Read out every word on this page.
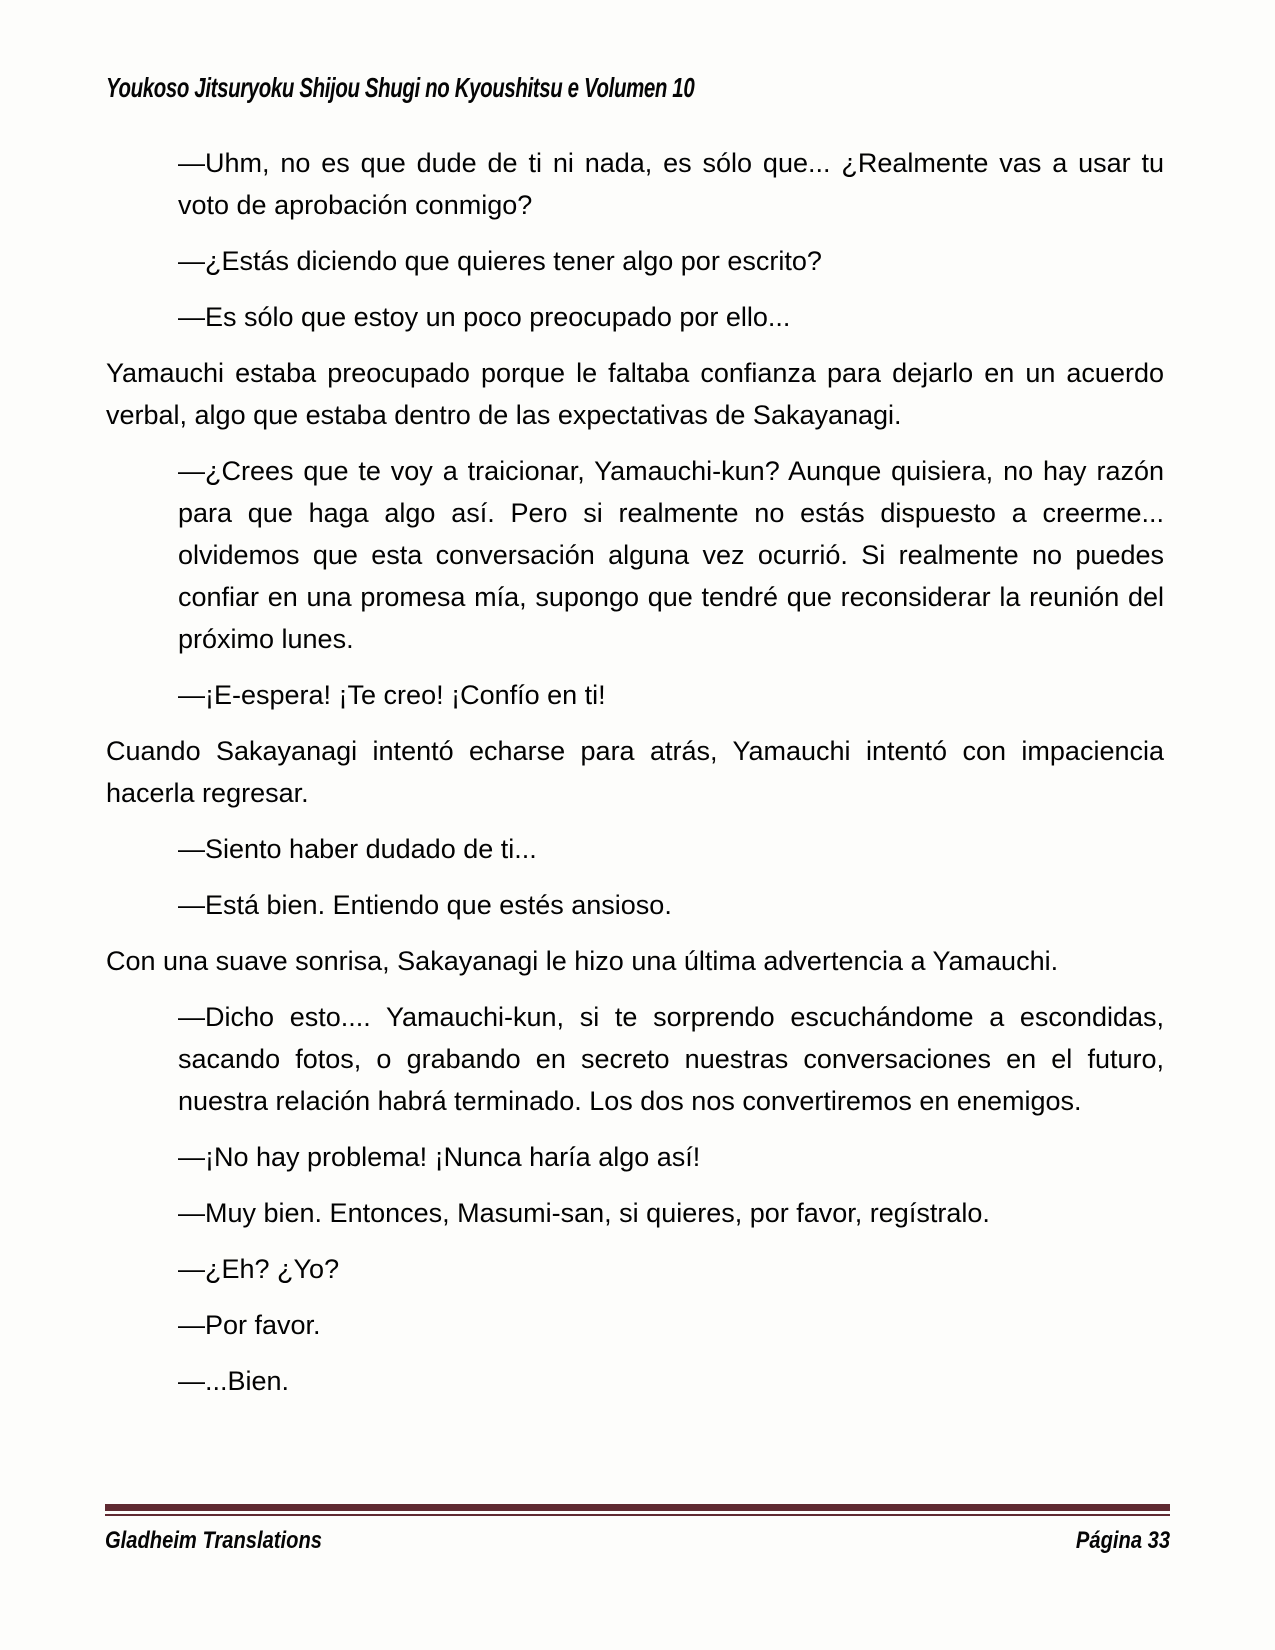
Youkoso Jitsuryoku Shijou Shugi no Kyoushitsu e Volumen 10

—Uhm, no es que dude de ti ni nada, es sólo que... ¿Realmente vas a usar tu voto de aprobación conmigo?

—¿Estás diciendo que quieres tener algo por escrito?

—Es sólo que estoy un poco preocupado por ello...

Yamauchi estaba preocupado porque le faltaba confianza para dejarlo en un acuerdo verbal, algo que estaba dentro de las expectativas de Sakayanagi.

—¿Crees que te voy a traicionar, Yamauchi-kun? Aunque quisiera, no hay razón para que haga algo así. Pero si realmente no estás dispuesto a creerme... olvidemos que esta conversación alguna vez ocurrió. Si realmente no puedes confiar en una promesa mía, supongo que tendré que reconsiderar la reunión del próximo lunes.

—¡E-espera! ¡Te creo! ¡Confío en ti!

Cuando Sakayanagi intentó echarse para atrás, Yamauchi intentó con impaciencia hacerla regresar.

—Siento haber dudado de ti...

—Está bien. Entiendo que estés ansioso.

Con una suave sonrisa, Sakayanagi le hizo una última advertencia a Yamauchi.

—Dicho esto.... Yamauchi-kun, si te sorprendo escuchándome a escondidas, sacando fotos, o grabando en secreto nuestras conversaciones en el futuro, nuestra relación habrá terminado. Los dos nos convertiremos en enemigos.

—¡No hay problema! ¡Nunca haría algo así!

—Muy bien. Entonces, Masumi-san, si quieres, por favor, regístralo.

—¿Eh? ¿Yo?

—Por favor.

—...Bien.

Gladheim Translations	Página 33
